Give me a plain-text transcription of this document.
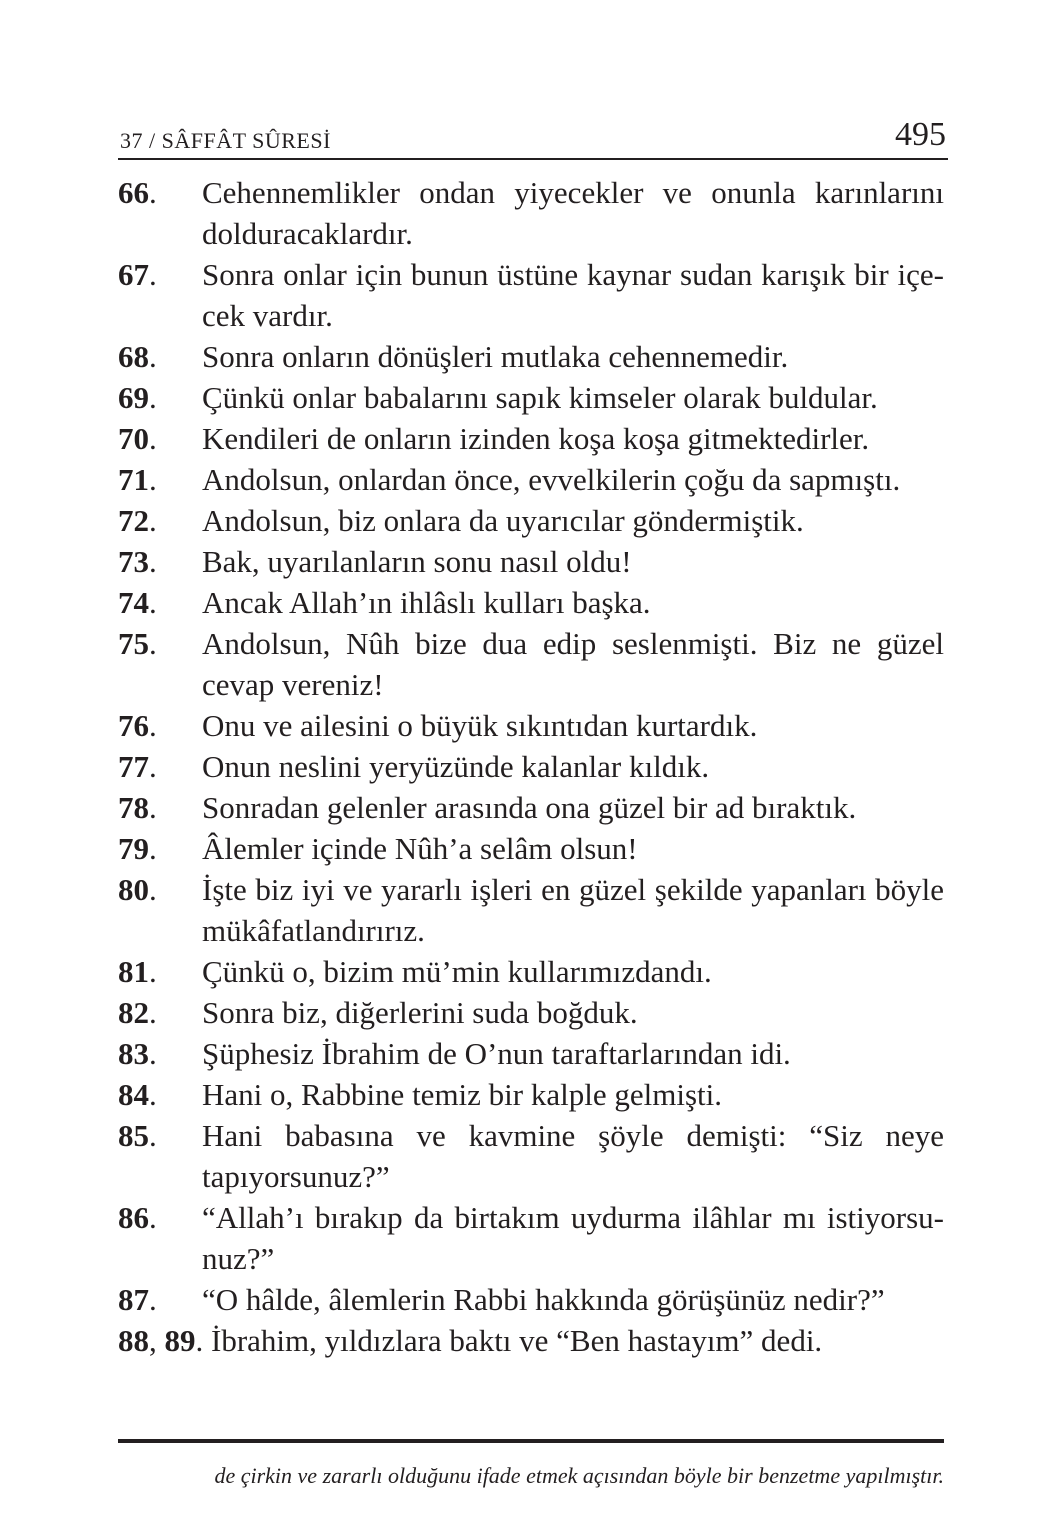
37 / SÂFFÂT SÛRESİ	495
66. Cehennemlikler ondan yiyecekler ve onunla karınlarını dolduracaklardır.
67. Sonra onlar için bunun üstüne kaynar sudan karışık bir içecek vardır.
68. Sonra onların dönüşleri mutlaka cehennemedir.
69. Çünkü onlar babalarını sapık kimseler olarak buldular.
70. Kendileri de onların izinden koşa koşa gitmektedirler.
71. Andolsun, onlardan önce, evvelkilerin çoğu da sapmıştı.
72. Andolsun, biz onlara da uyarıcılar göndermiştik.
73. Bak, uyarılanların sonu nasıl oldu!
74. Ancak Allah’ın ihlâslı kulları başka.
75. Andolsun, Nûh bize dua edip seslenmişti. Biz ne güzel cevap vereniz!
76. Onu ve ailesini o büyük sıkıntıdan kurtardık.
77. Onun neslini yeryüzünde kalanlar kıldık.
78. Sonradan gelenler arasında ona güzel bir ad bıraktık.
79. Âlemler içinde Nûh’a selâm olsun!
80. İşte biz iyi ve yararlı işleri en güzel şekilde yapanları böyle mükâfatlandırırız.
81. Çünkü o, bizim mü’min kullarımızdandı.
82. Sonra biz, diğerlerini suda boğduk.
83. Şüphesiz İbrahim de O’nun taraftarlarından idi.
84. Hani o, Rabbine temiz bir kalple gelmişti.
85. Hani babasına ve kavmine şöyle demişti: “Siz neye tapıyorsunuz?”
86. “Allah’ı bırakıp da birtakım uydurma ilâhlar mı istiyorsunuz?”
87. “O hâlde, âlemlerin Rabbi hakkında görüşünüz nedir?”
88, 89. İbrahim, yıldızlara baktı ve “Ben hastayım” dedi.
de çirkin ve zararlı olduğunu ifade etmek açısından böyle bir benzetme yapılmıştır.
